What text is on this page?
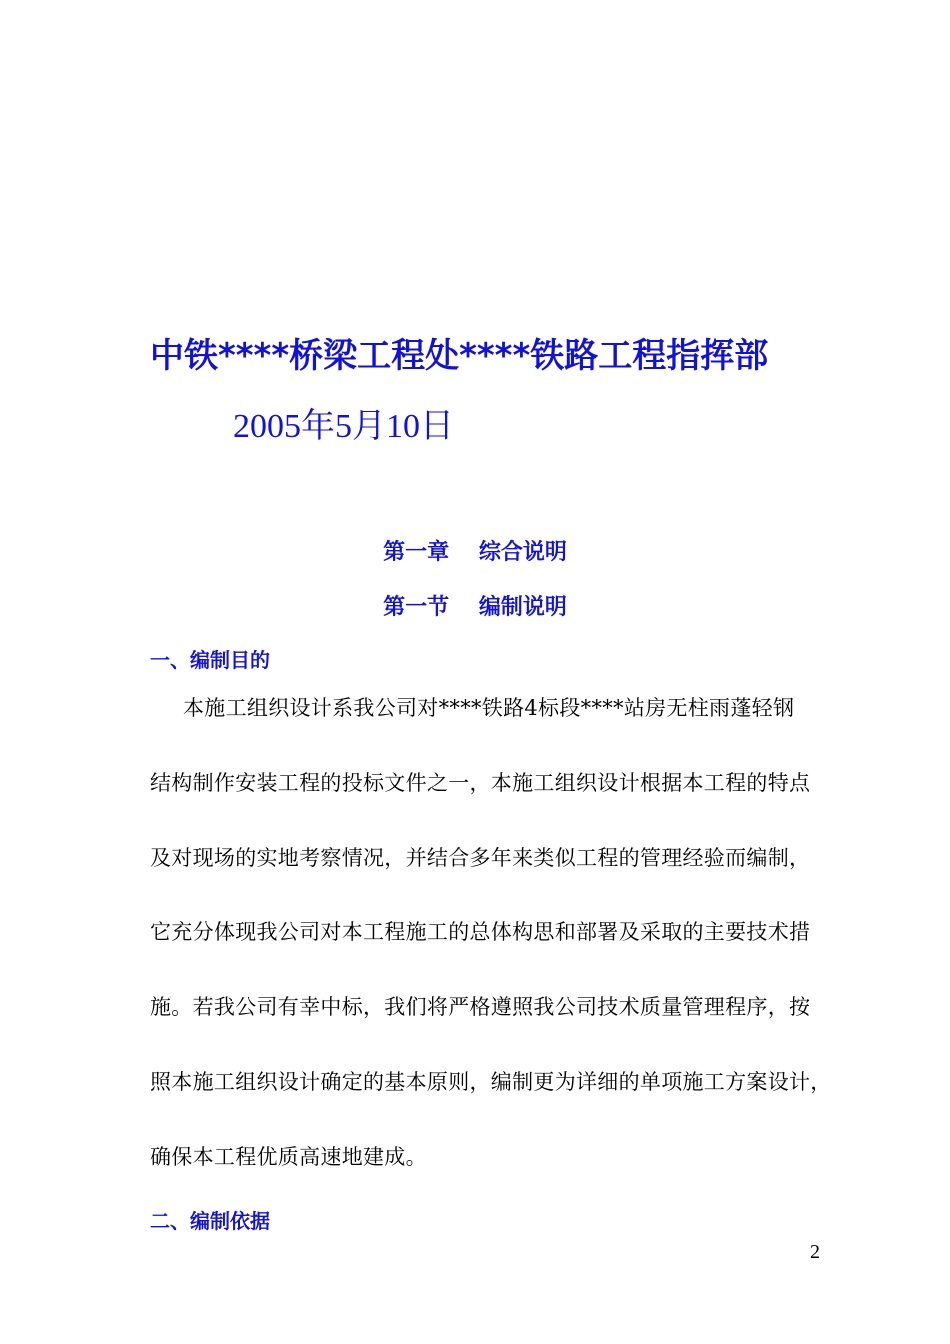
中铁****桥梁工程处****铁路工程指挥部
2005年5月10日
第一章　 综合说明
第一节　 编制说明
一、编制目的
本施工组织设计系我公司对****铁路4标段****站房无柱雨蓬轻钢
结构制作安装工程的投标文件之一，本施工组织设计根据本工程的特点
及对现场的实地考察情况，并结合多年来类似工程的管理经验而编制，
它充分体现我公司对本工程施工的总体构思和部署及采取的主要技术措
施。若我公司有幸中标，我们将严格遵照我公司技术质量管理程序，按
照本施工组织设计确定的基本原则，编制更为详细的单项施工方案设计，
确保本工程优质高速地建成。
二、编制依据
2
